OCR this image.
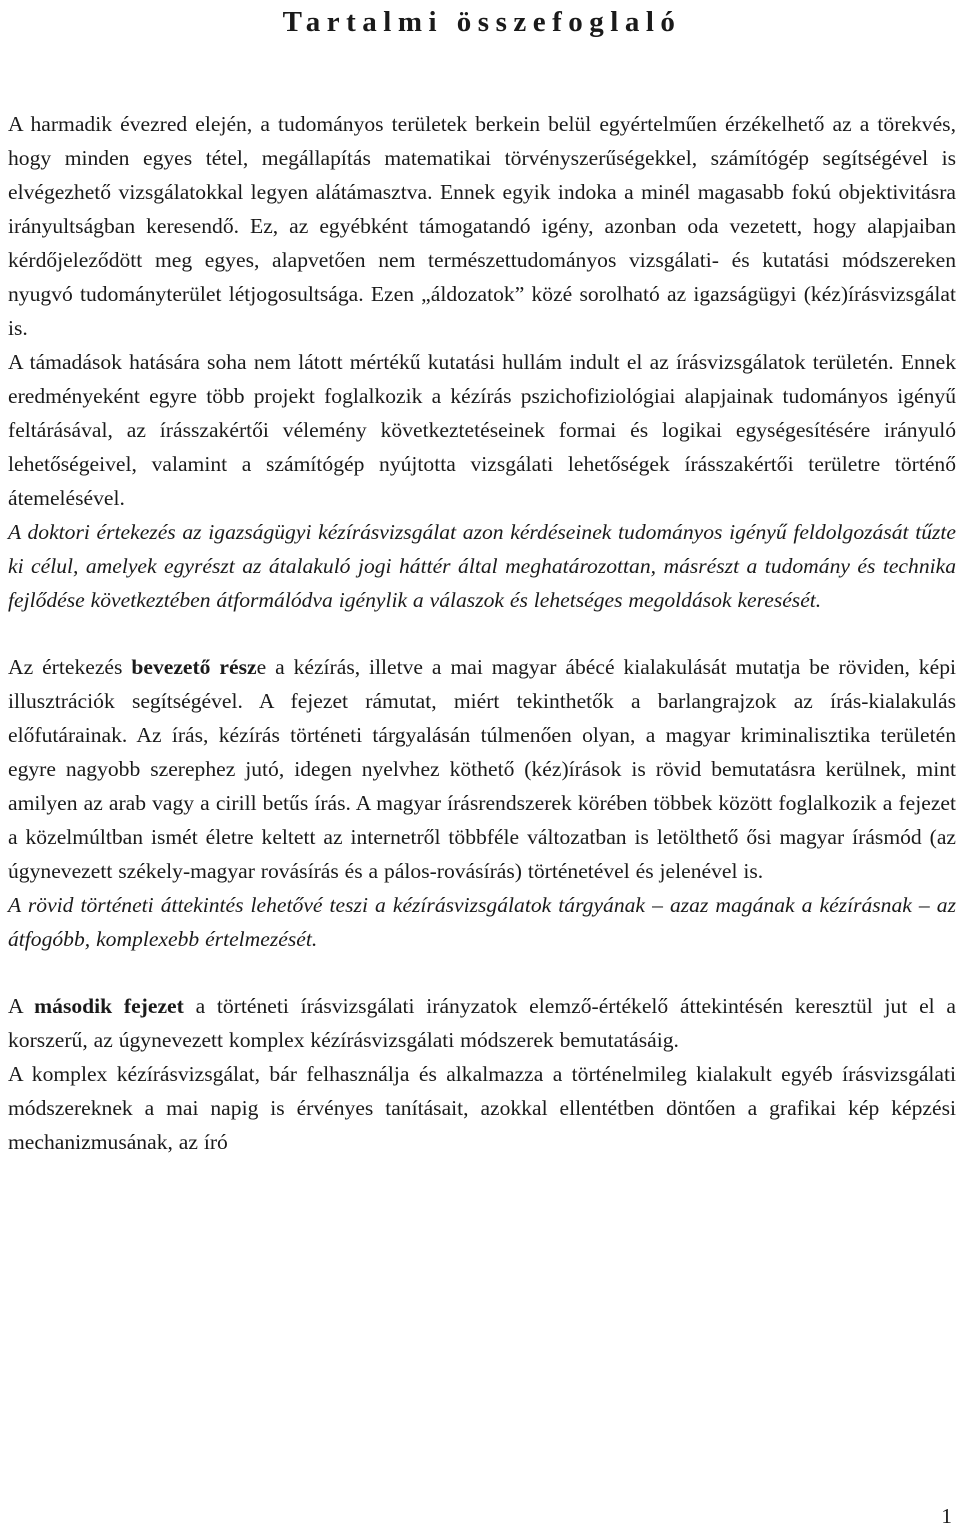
Tartalmi összefoglaló

A harmadik évezred elején, a tudományos területek berkein belül egyértelműen érzékelhető az a törekvés, hogy minden egyes tétel, megállapítás matematikai törvényszerűségekkel, számítógép segítségével is elvégezhető vizsgálatokkal legyen alátámasztva. Ennek egyik indoka a minél magasabb fokú objektivitásra irányultságban keresendő. Ez, az egyébként támogatandó igény, azonban oda vezetett, hogy alapjaiban kérdőjeleződött meg egyes, alapvetően nem természettudományos vizsgálati- és kutatási módszereken nyugvó tudományterület létjogosultsága. Ezen „áldozatok” közé sorolható az igazságügyi (kéz)írásvizsgálat is.

A támadások hatására soha nem látott mértékű kutatási hullám indult el az írásvizsgálatok területén. Ennek eredményeként egyre több projekt foglalkozik a kézírás pszichofiziológiai alapjainak tudományos igényű feltárásával, az írásszakértői vélemény következtetéseinek formai és logikai egységesítésére irányuló lehetőségeivel, valamint a számítógép nyújtotta vizsgálati lehetőségek írásszakértői területre történő átemelésével.

A doktori értekezés az igazságügyi kézírásvizsgálat azon kérdéseinek tudományos igényű feldolgozását tűzte ki célul, amelyek egyrészt az átalakuló jogi háttér által meghatározottan, másrészt a tudomány és technika fejlődése következtében átformálódva igénylik a válaszok és lehetséges megoldások keresését.

Az értekezés bevezető része a kézírás, illetve a mai magyar ábécé kialakulását mutatja be röviden, képi illusztrációk segítségével. A fejezet rámutat, miért tekinthetők a barlangrajzok az írás-kialakulás előfutárainak. Az írás, kézírás történeti tárgyalásán túlmenően olyan, a magyar kriminalisztika területén egyre nagyobb szerephez jutó, idegen nyelvhez köthető (kéz)írások is rövid bemutatásra kerülnek, mint amilyen az arab vagy a cirill betűs írás. A magyar írásrendszerek körében többek között foglalkozik a fejezet a közelmúltban ismét életre keltett az internetről többféle változatban is letölthető ősi magyar írásmód (az úgynevezett székely-magyar rovásírás és a pálos-rovásírás) történetével és jelenével is.

A rövid történeti áttekintés lehetővé teszi a kézírásvizsgálatok tárgyának – azaz magának a kézírásnak – az átfogóbb, komplexebb értelmezését.

A második fejezet a történeti írásvizsgálati irányzatok elemző-értékelő áttekintésén keresztül jut el a korszerű, az úgynevezett komplex kézírásvizsgálati módszerek bemutatásáig.

A komplex kézírásvizsgálat, bár felhasználja és alkalmazza a történelmileg kialakult egyéb írásvizsgálati módszereknek a mai napig is érvényes tanításait, azokkal ellentétben döntően a grafikai kép képzési mechanizmusának, az író

1
